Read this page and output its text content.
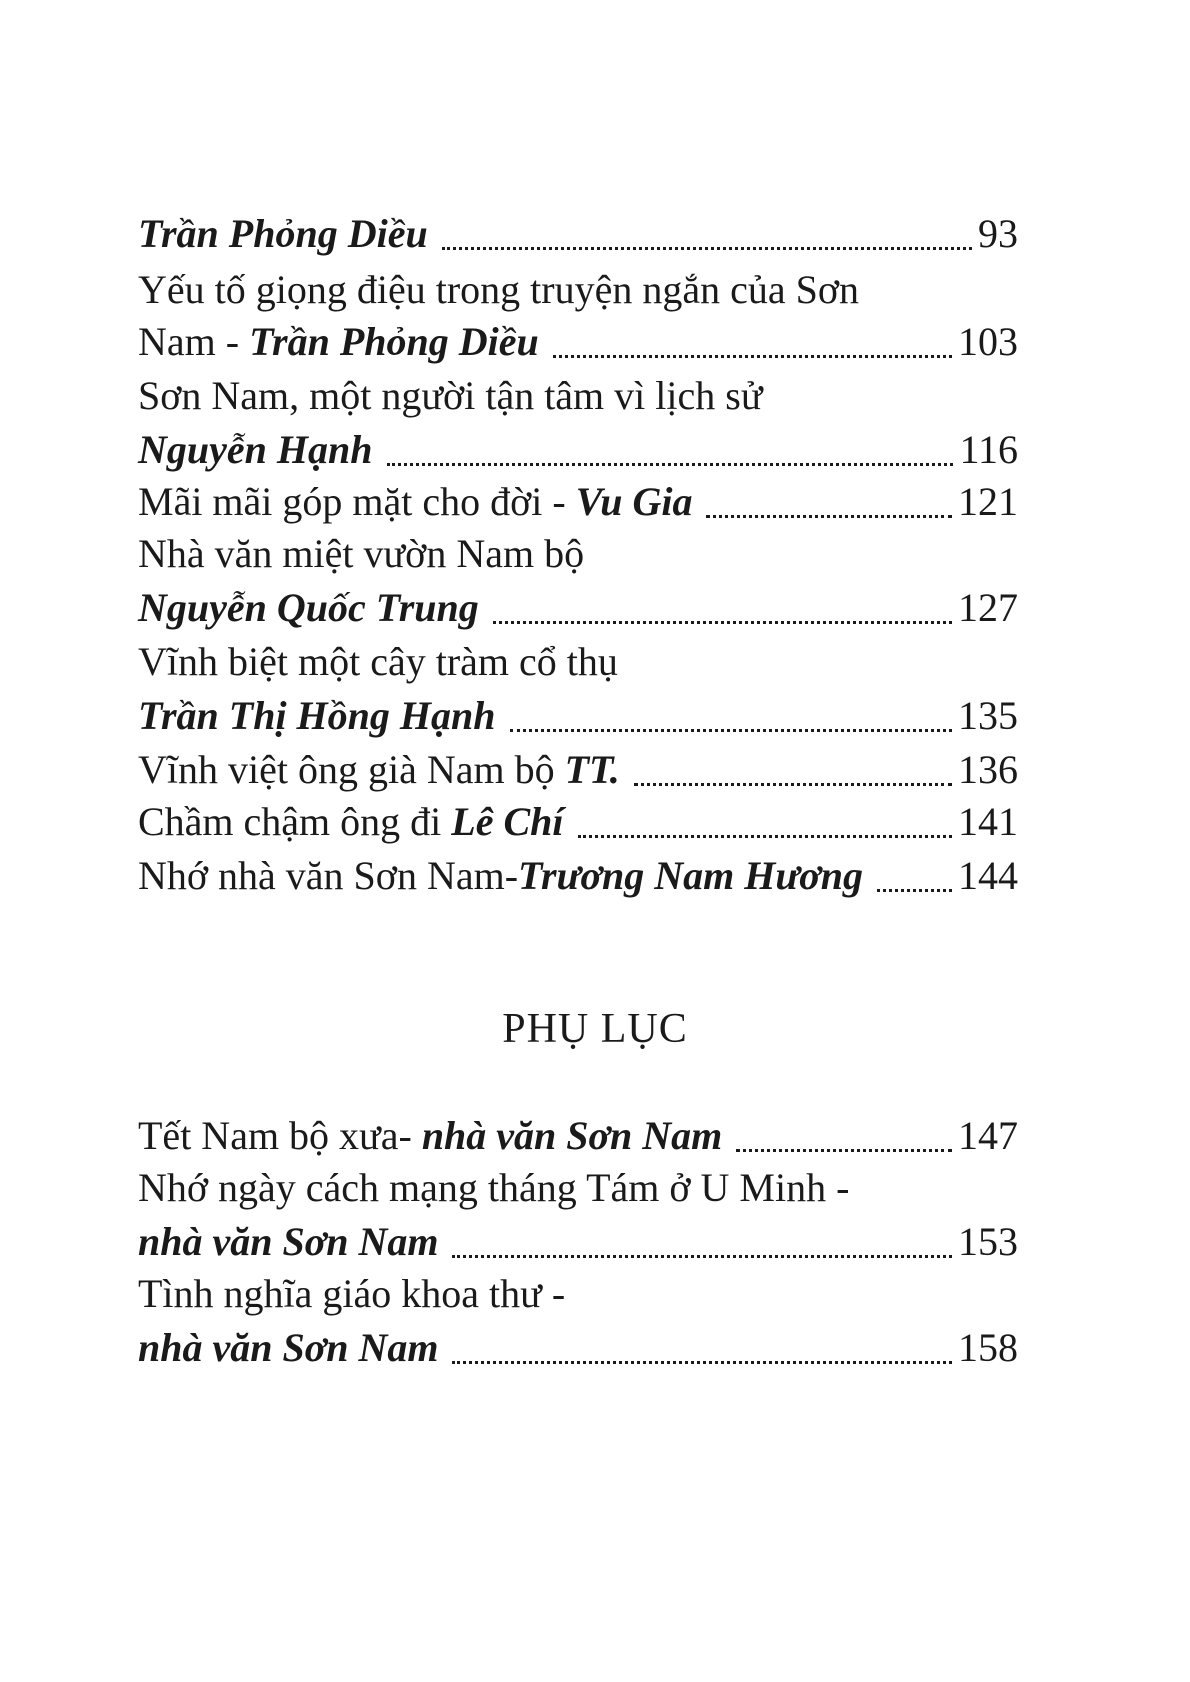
Trần Phỏng Diều	93
Yếu tố giọng điệu trong truyện ngắn của Sơn
Nam - Trần Phỏng Diều	103
Sơn Nam, một người tận tâm vì lịch sử
Nguyễn Hạnh	116
Mãi mãi góp mặt cho đời - Vu Gia	121
Nhà văn miệt vườn Nam bộ
Nguyễn Quốc Trung	127
Vĩnh biệt một cây tràm cổ thụ
Trần Thị Hồng Hạnh	135
Vĩnh việt ông già Nam bộ TT.	136
Chầm chậm ông đi Lê Chí	141
Nhớ nhà văn Sơn Nam- Trương Nam Hương 144
PHỤ LỤC
Tết Nam bộ xưa- nhà văn Sơn Nam	147
Nhớ ngày cách mạng tháng Tám ở U Minh -
nhà văn Sơn Nam	153
Tình nghĩa giáo khoa thư -
nhà văn Sơn Nam	158
